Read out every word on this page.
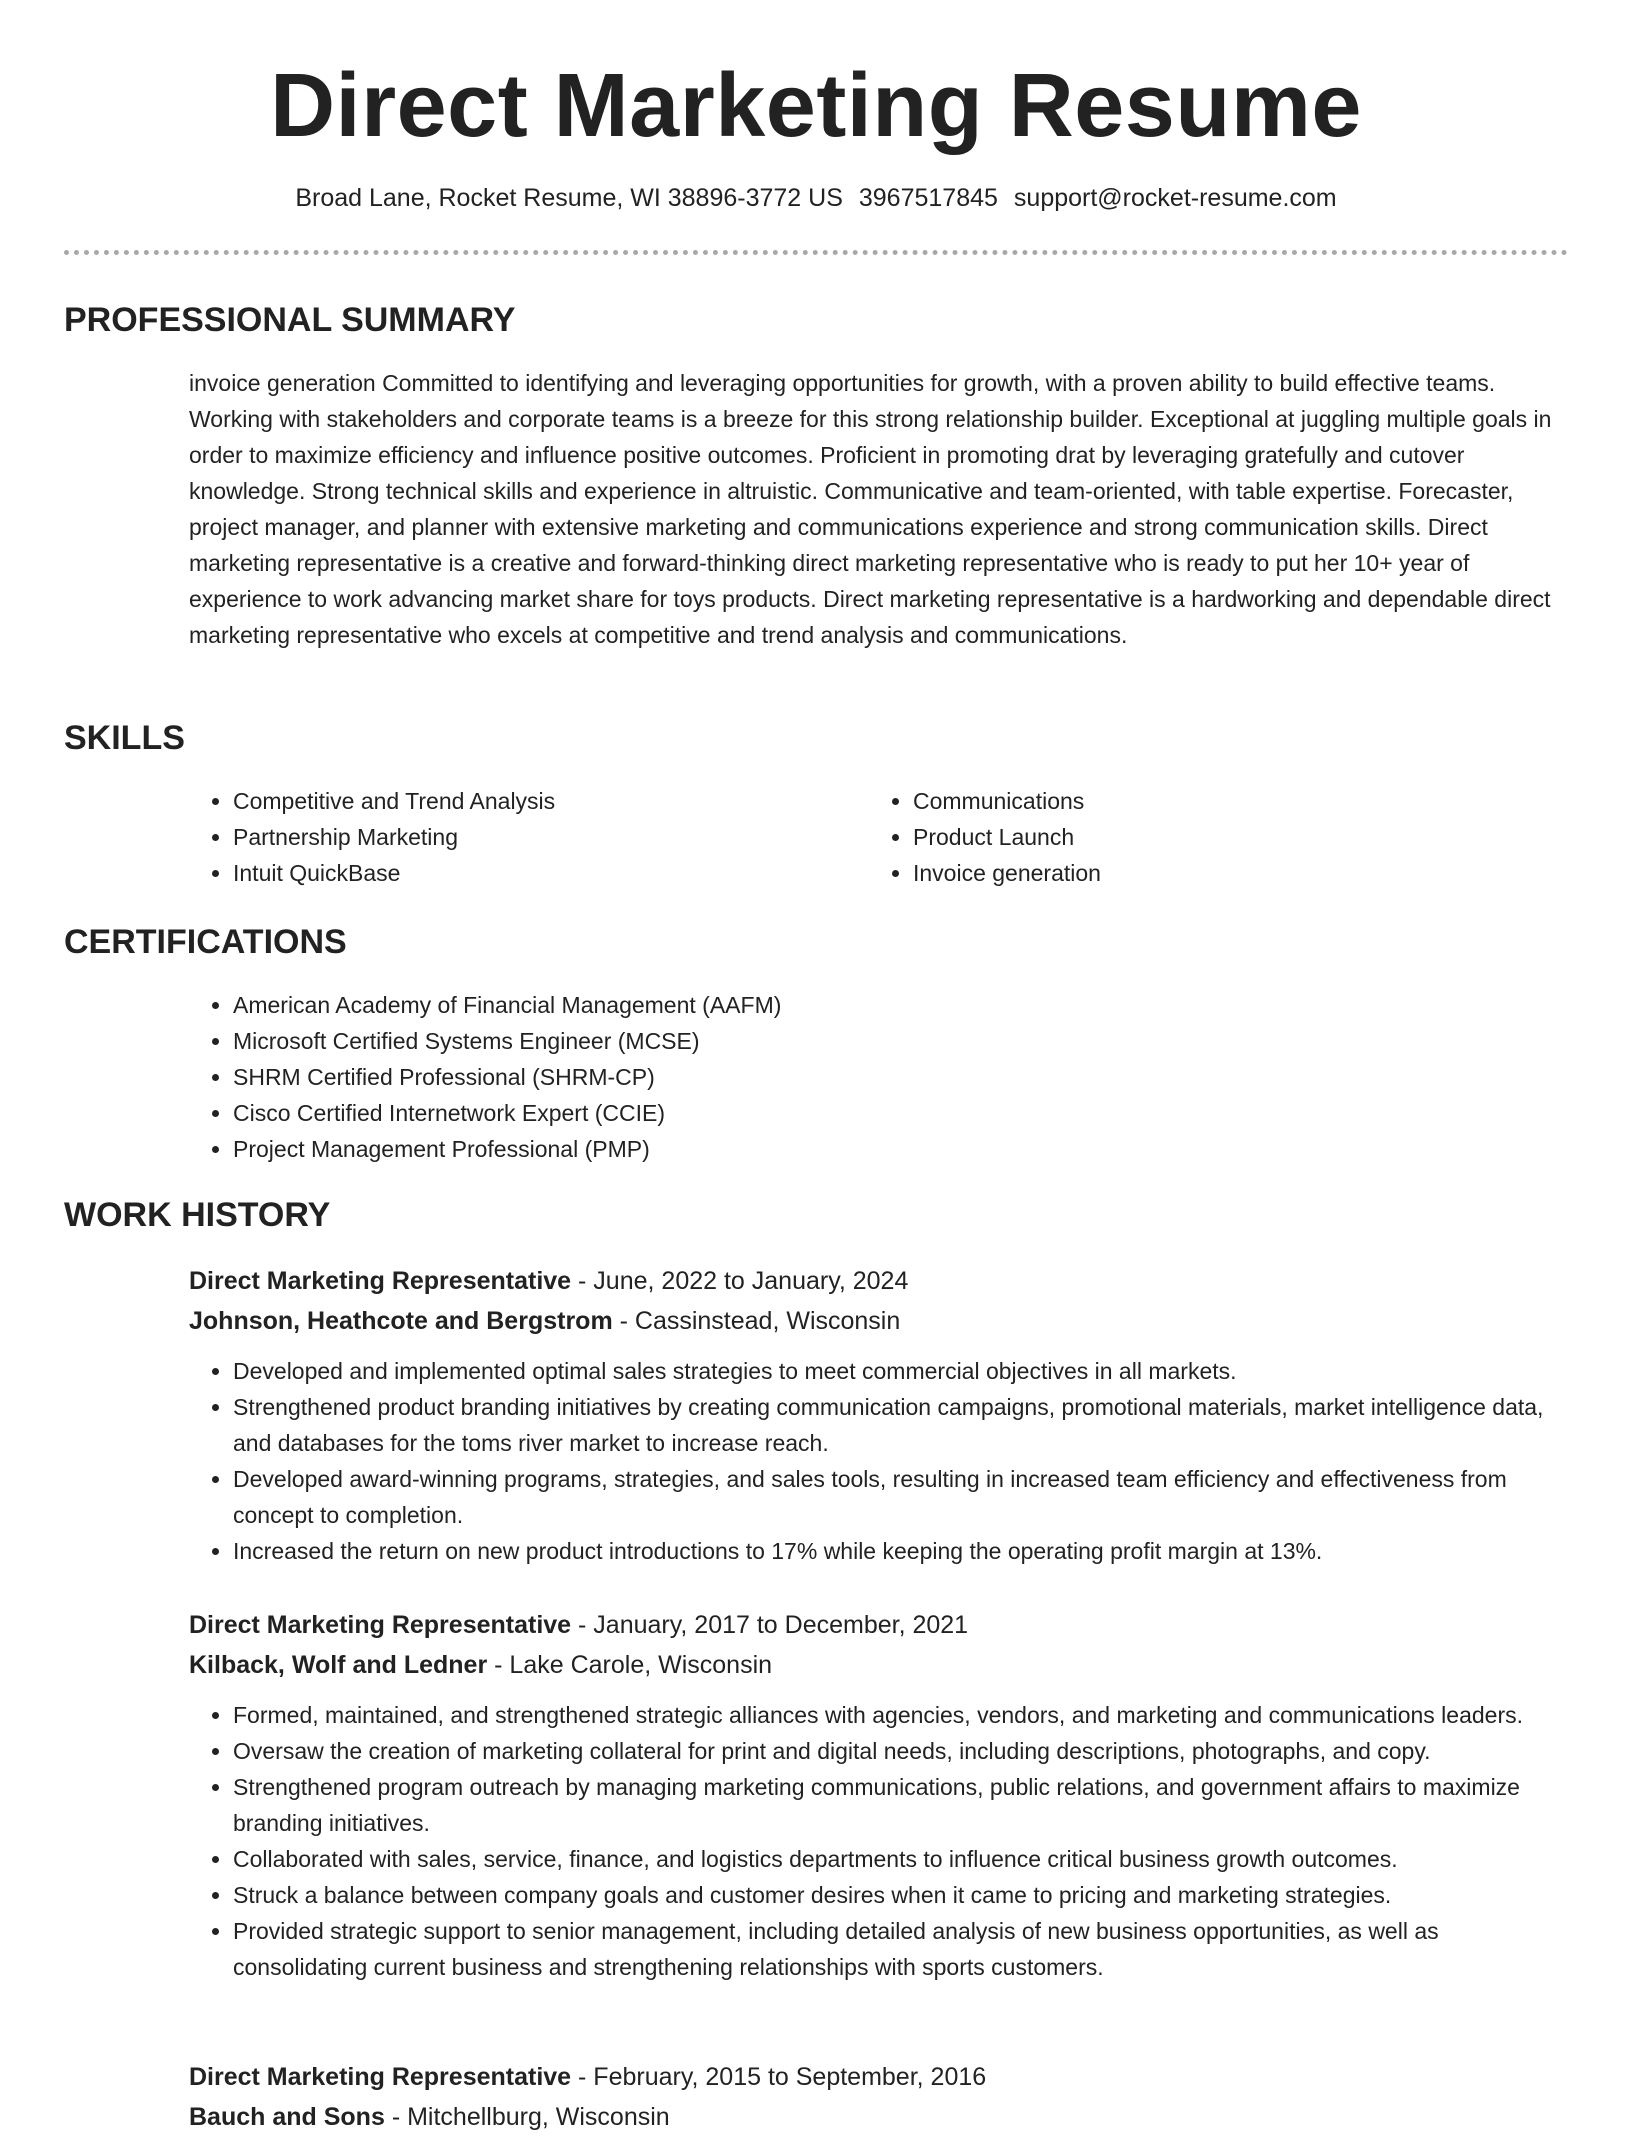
Direct Marketing Resume
Broad Lane, Rocket Resume, WI 38896-3772 US 3967517845 support@rocket-resume.com
PROFESSIONAL SUMMARY

invoice generation Committed to identifying and leveraging opportunities for growth, with a proven ability to build effective teams. Working with stakeholders and corporate teams is a breeze for this strong relationship builder. Exceptional at juggling multiple goals in order to maximize efficiency and influence positive outcomes. Proficient in promoting drat by leveraging gratefully and cutover knowledge. Strong technical skills and experience in altruistic. Communicative and team-oriented, with table expertise. Forecaster, project manager, and planner with extensive marketing and communications experience and strong communication skills. Direct marketing representative is a creative and forward-thinking direct marketing representative who is ready to put her 10+ year of experience to work advancing market share for toys products. Direct marketing representative is a hardworking and dependable direct marketing representative who excels at competitive and trend analysis and communications.

SKILLS
• Competitive and Trend Analysis
• Partnership Marketing
• Intuit QuickBase
• Communications
• Product Launch
• Invoice generation
CERTIFICATIONS
• American Academy of Financial Management (AAFM)
• Microsoft Certified Systems Engineer (MCSE)
• SHRM Certified Professional (SHRM-CP)
• Cisco Certified Internetwork Expert (CCIE)
• Project Management Professional (PMP)
WORK HISTORY
Direct Marketing Representative - June, 2022 to January, 2024
Johnson, Heathcote and Bergstrom - Cassinstead, Wisconsin
• Developed and implemented optimal sales strategies to meet commercial objectives in all markets.
• Strengthened product branding initiatives by creating communication campaigns, promotional materials, market intelligence data, and databases for the toms river market to increase reach.
• Developed award-winning programs, strategies, and sales tools, resulting in increased team efficiency and effectiveness from concept to completion.
• Increased the return on new product introductions to 17% while keeping the operating profit margin at 13%.
Direct Marketing Representative - January, 2017 to December, 2021
Kilback, Wolf and Ledner - Lake Carole, Wisconsin
• Formed, maintained, and strengthened strategic alliances with agencies, vendors, and marketing and communications leaders.
• Oversaw the creation of marketing collateral for print and digital needs, including descriptions, photographs, and copy.
• Strengthened program outreach by managing marketing communications, public relations, and government affairs to maximize branding initiatives.
• Collaborated with sales, service, finance, and logistics departments to influence critical business growth outcomes.
• Struck a balance between company goals and customer desires when it came to pricing and marketing strategies.
• Provided strategic support to senior management, including detailed analysis of new business opportunities, as well as consolidating current business and strengthening relationships with sports customers.
Direct Marketing Representative - February, 2015 to September, 2016
Bauch and Sons - Mitchellburg, Wisconsin
